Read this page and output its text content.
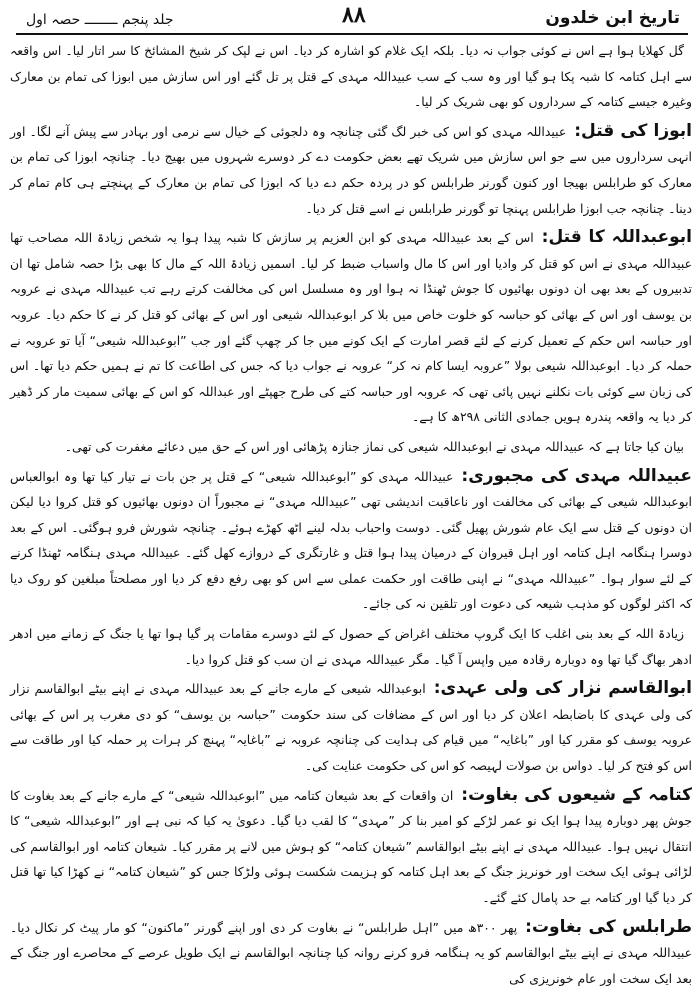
جلد پنجم ــــــــ حصہ اول	۸۸	تاریخ ابن خلدون

گل کھلایا ہوا ہے اس نے کوئی جواب نہ دیا۔ بلکہ ایک غلام کو اشارہ کر دیا۔ اس نے لپک کر شیخ المشائخ کا سر اتار لیا۔ اس واقعہ سے اہل کتامہ کا شبہ پکا ہو گیا اور وہ سب کے سب عبیداللہ مہدی کے قتل پر تل گئے اور اس سازش میں ابوزا کی تمام بن معارک وغیرہ جیسے کتامہ کے سرداروں کو بھی شریک کر لیا۔

ابوزا کی قتل:عبیداللہ مہدی کو اس کی خبر لگ گئی چنانچہ وہ دلجوئی کے خیال سے نرمی اور بہادر سے پیش آنے لگا۔ اور انہی سرداروں میں سے جو اس سازش میں شریک تھے بعض حکومت دے کر دوسرے شہروں میں بھیج دیا۔ چنانچہ ابوزا کی تمام بن معارک کو طرابلس بھیجا اور کنون گورنر طرابلس کو در پردہ حکم دے دیا کہ ابوزا کی تمام بن معارک کے پہنچتے ہی کام تمام کر دینا۔ چنانچہ جب ابوزا طرابلس پہنچا تو گورنر طرابلس نے اسے قتل کر دیا۔

ابوعبداللہ کا قتل:اس کے بعد عبیداللہ مہدی کو ابن العزیم پر سازش کا شبہ پیدا ہوا یہ شخص زیادۃ اللہ مصاحب تھا عبیداللہ مہدی نے اس کو قتل کر وادیا اور اس کا مال واسباب ضبط کر لیا۔ اسمیں زیادۃ اللہ کے مال کا بھی بڑا حصہ شامل تھا ان تدبیروں کے بعد بھی ان دونوں بھائیوں کا جوش ٹھنڈا نہ ہوا اور وہ مسلسل اس کی مخالفت کرتے رہے تب عبیداللہ مہدی نے عروبہ بن یوسف اور اس کے بھائی کو حباسہ کو خلوت خاص میں بلا کر ابوعبداللہ شیعی اور اس کے بھائی کو قتل کر نے کا حکم دیا۔ عروبہ اور حباسہ اس حکم کے تعمیل کرنے کے لئے قصر امارت کے ایک کونے میں جا کر چھپ گئے اور جب ”ابوعبداللہ شیعی“ آیا تو عروبہ نے حملہ کر دیا۔ ابوعبداللہ شیعی بولا ”عروبہ ایسا کام نہ کر“ عروبہ نے جواب دیا کہ جس کی اطاعت کا تم نے ہمیں حکم دیا تھا۔ اس کی زبان سے کوئی بات نکلنے نہیں پائی تھی کہ عروبہ اور حباسہ کتے کی طرح جھپٹے اور عبداللہ کو اس کے بھائی سمیت مار کر ڈھیر کر دیا یہ واقعہ پندرہ ہویں جمادی الثانی ۲۹۸ھ کا ہے۔

بیان کیا جاتا ہے کہ عبیداللہ مہدی نے ابوعبداللہ شیعی کی نماز جنازہ پڑھائی اور اس کے حق میں دعائے مغفرت کی تھی۔

عبیداللہ مہدی کی مجبوری:عبیداللہ مہدی کو ”ابوعبداللہ شیعی“ کے قتل پر جن بات نے تیار کیا تھا وہ ابوالعباس ابوعبداللہ شیعی کے بھائی کی مخالفت اور ناعاقبت اندیشی تھی ”عبیداللہ مہدی“ نے مجبوراً ان دونوں بھائیوں کو قتل کروا دیا لیکن ان دونوں کے قتل سے ایک عام شورش پھیل گئی۔ دوست واحباب بدلہ لینے اٹھ کھڑے ہوئے۔ چنانچہ شورش فرو ہوگئی۔ اس کے بعد دوسرا ہنگامہ اہل کتامہ اور اہل قیروان کے درمیان پیدا ہوا قتل و غارتگری کے دروازے کھل گئے۔ عبیداللہ مہدی ہنگامہ ٹھنڈا کرنے کے لئے سوار ہوا۔ ”عبیداللہ مہدی“ نے اپنی طاقت اور حکمت عملی سے اس کو بھی رفع دفع کر دیا اور مصلحتاً مبلغین کو روک دیا کہ اکثر لوگوں کو مذہب شیعہ کی دعوت اور تلقین نہ کی جائے۔

زیادۃ اللہ کے بعد بنی اغلب کا ایک گروپ مختلف اغراض کے حصول کے لئے دوسرے مقامات پر گیا ہوا تھا یا جنگ کے زمانے میں ادھر ادھر بھاگ گیا تھا وہ دوبارہ رقادہ میں واپس آ گیا۔ مگر عبیداللہ مہدی نے ان سب کو قتل کروا دیا۔

ابوالقاسم نزار کی ولی عہدی:ابوعبداللہ شیعی کے مارے جانے کے بعد عبیداللہ مہدی نے اپنے بیٹے ابوالقاسم نزار کی ولی عہدی کا باضابطہ اعلان کر دیا اور اس کے مضافات کی سند حکومت ”حباسہ بن یوسف“ کو دی مغرب پر اس کے بھائی عروبہ یوسف کو مقرر کیا اور ”باغایہ“ میں قیام کی ہدایت کی چنانچہ عروبہ نے ”باغایہ“ پہنچ کر ہرات پر حملہ کیا اور طاقت سے اس کو فتح کر لیا۔ دواس بن صولات لہیصہ کو اس کی حکومت عنایت کی۔

کتامہ کے شیعوں کی بغاوت:ان واقعات کے بعد شیعان کتامہ میں ”ابوعبداللہ شیعی“ کے مارے جانے کے بعد بغاوت کا جوش پھر دوبارہ پیدا ہوا ایک نو عمر لڑکے کو امیر بنا کر ”مہدی“ کا لقب دیا گیا۔ دعویٰ یہ کیا کہ نبی ہے اور ”ابوعبداللہ شیعی“ کا انتقال نہیں ہوا۔ عبیداللہ مہدی نے اپنے بیٹے ابوالقاسم ”شیعان کتامہ“ کو ہوش میں لانے پر مقرر کیا۔ شیعان کتامہ اور ابوالقاسم کی لڑائی ہوئی ایک سخت اور خونریز جنگ کے بعد اہل کتامہ کو ہزیمت شکست ہوئی ولڑکا جس کو ”شیعان کتامہ“ نے کھڑا کیا تھا قتل کر دیا گیا اور کتامہ بے حد پامال کئے گئے۔

طرابلس کی بغاوت:پھر ۳۰۰ھ میں ”اہل طرابلس“ نے بغاوت کر دی اور اپنے گورنر ”ماکنون“ کو مار پیٹ کر نکال دیا۔ عبیداللہ مہدی نے اپنے بیٹے ابوالقاسم کو یہ ہنگامہ فرو کرنے روانہ کیا چنانچہ ابوالقاسم نے ایک طویل عرصے کے محاصرے اور جنگ کے بعد ایک سخت اور عام خونریزی کی
